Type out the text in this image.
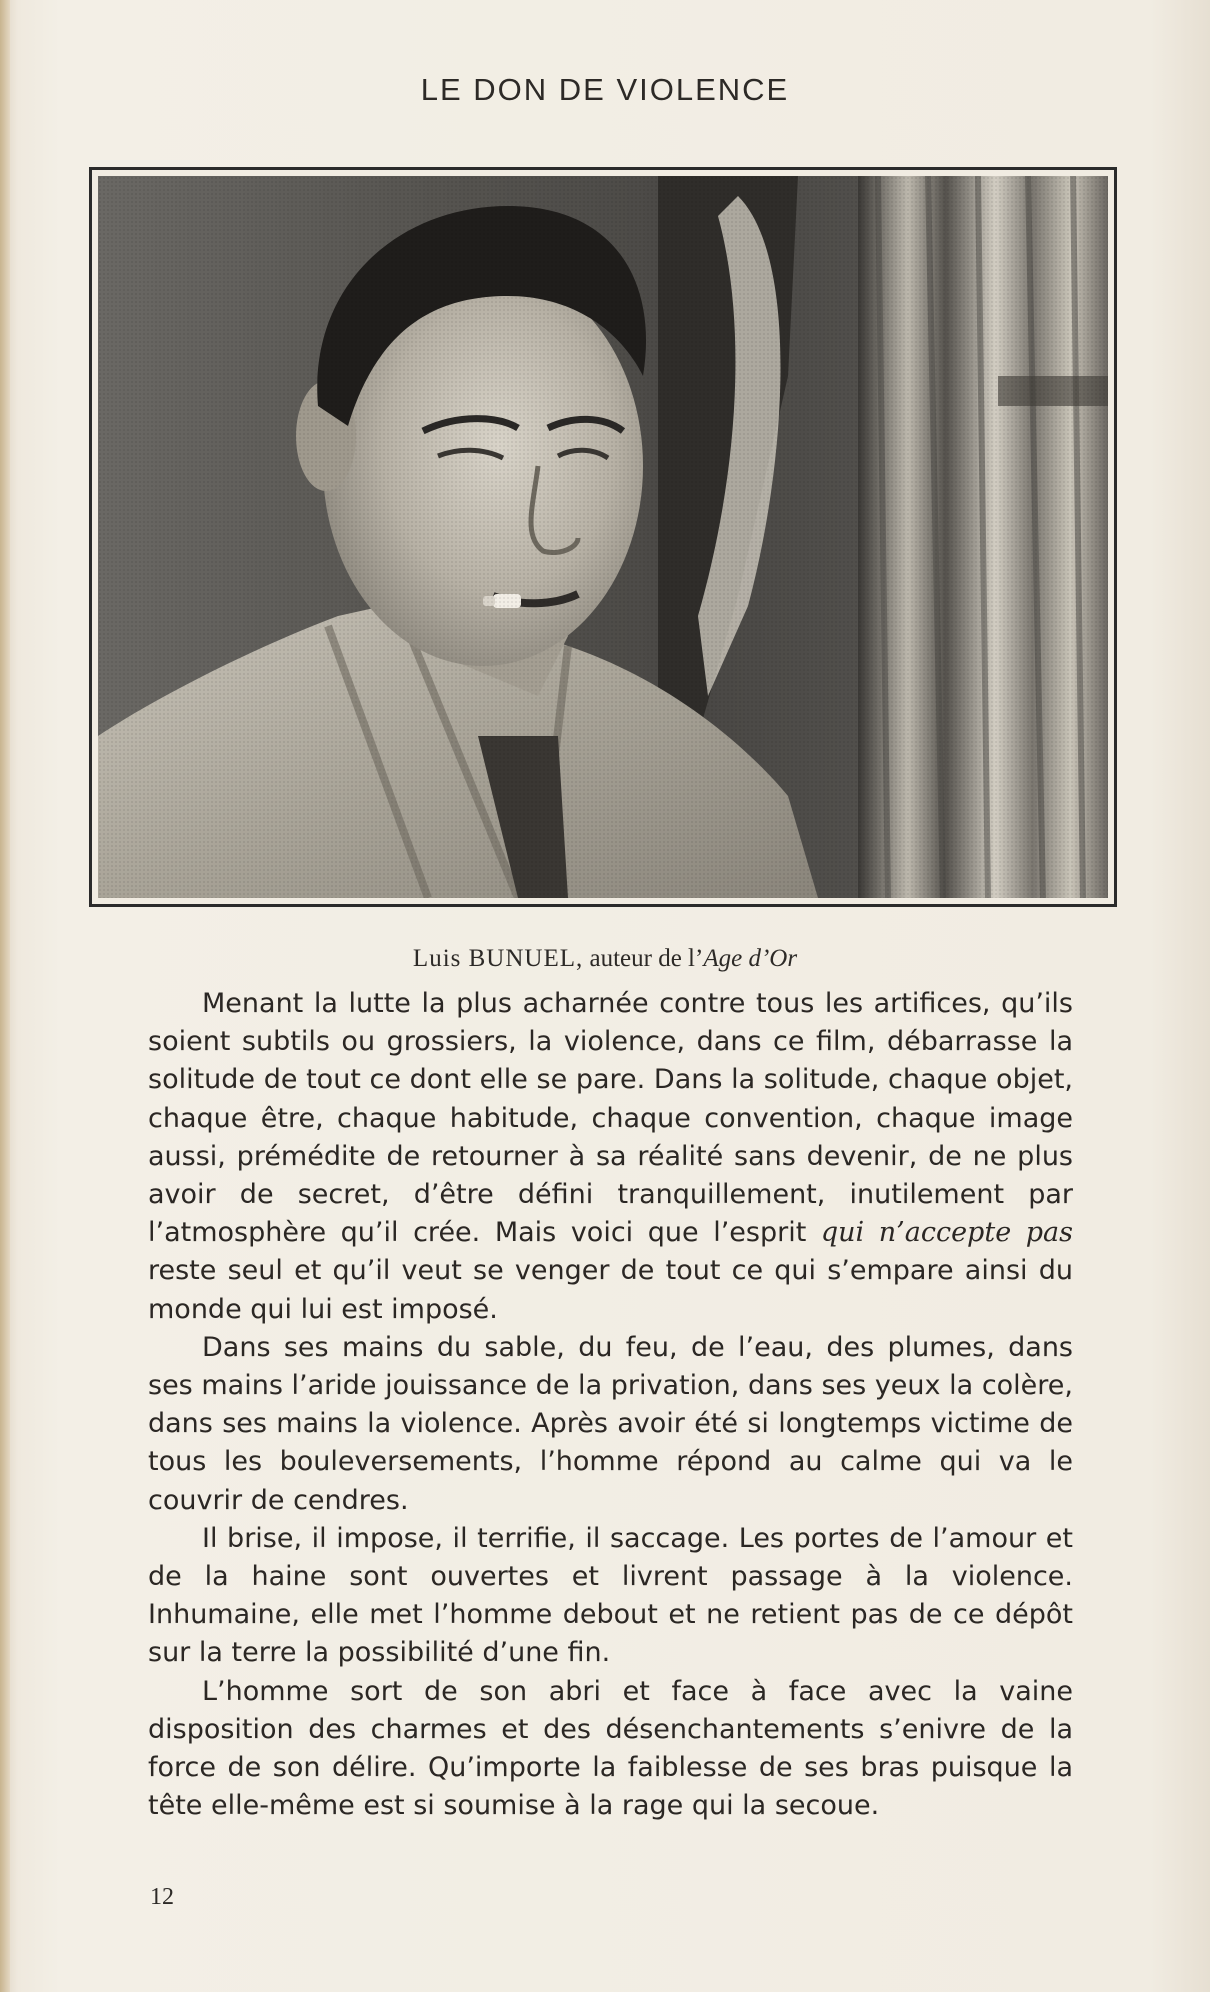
LE DON DE VIOLENCE
Luis BUNUEL, auteur de l’Age d’Or

Menant la lutte la plus acharnée contre tous les artifices, qu’ils soient subtils ou grossiers, la violence, dans ce film, débarrasse la solitude de tout ce dont elle se pare. Dans la solitude, chaque objet, chaque être, chaque habitude, chaque convention, chaque image aussi, prémédite de retourner à sa réalité sans devenir, de ne plus avoir de secret, d’être défini tranquillement, inutilement par l’atmosphère qu’il crée. Mais voici que l’esprit qui n’accepte pas reste seul et qu’il veut se venger de tout ce qui s’empare ainsi du monde qui lui est imposé.

Dans ses mains du sable, du feu, de l’eau, des plumes, dans ses mains l’aride jouissance de la privation, dans ses yeux la colère, dans ses mains la violence. Après avoir été si longtemps victime de tous les bouleversements, l’homme répond au calme qui va le couvrir de cendres.

Il brise, il impose, il terrifie, il saccage. Les portes de l’amour et de la haine sont ouvertes et livrent passage à la violence. Inhumaine, elle met l’homme debout et ne retient pas de ce dépôt sur la terre la possibilité d’une fin.

L’homme sort de son abri et face à face avec la vaine disposition des charmes et des désenchantements s’enivre de la force de son délire. Qu’importe la faiblesse de ses bras puisque la tête elle-même est si soumise à la rage qui la secoue.

12
